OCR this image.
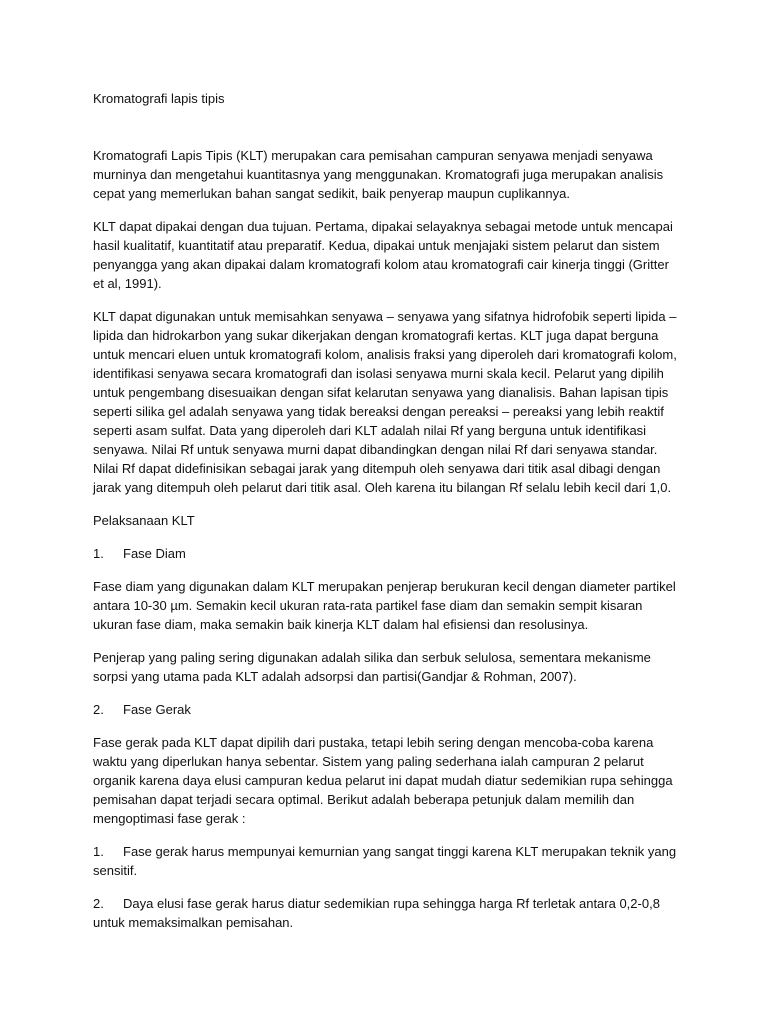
Kromatografi lapis tipis

Kromatografi Lapis Tipis (KLT) merupakan cara pemisahan campuran senyawa menjadi senyawa murninya dan mengetahui kuantitasnya yang menggunakan. Kromatografi juga merupakan analisis cepat yang memerlukan bahan sangat sedikit, baik penyerap maupun cuplikannya.

KLT dapat dipakai dengan dua tujuan. Pertama, dipakai selayaknya sebagai metode untuk mencapai hasil kualitatif, kuantitatif atau preparatif. Kedua, dipakai untuk menjajaki sistem pelarut dan sistem penyangga yang akan dipakai dalam kromatografi kolom atau kromatografi cair kinerja tinggi (Gritter et al, 1991).

KLT dapat digunakan untuk memisahkan senyawa – senyawa yang sifatnya hidrofobik seperti lipida – lipida dan hidrokarbon yang sukar dikerjakan dengan kromatografi kertas. KLT juga dapat berguna untuk mencari eluen untuk kromatografi kolom, analisis fraksi yang diperoleh dari kromatografi kolom, identifikasi senyawa secara kromatografi dan isolasi senyawa murni skala kecil. Pelarut yang dipilih untuk pengembang disesuaikan dengan sifat kelarutan senyawa yang dianalisis. Bahan lapisan tipis seperti silika gel adalah senyawa yang tidak bereaksi dengan pereaksi – pereaksi yang lebih reaktif seperti asam sulfat. Data yang diperoleh dari KLT adalah nilai Rf yang berguna untuk identifikasi senyawa. Nilai Rf untuk senyawa murni dapat dibandingkan dengan nilai Rf dari senyawa standar. Nilai Rf dapat didefinisikan sebagai jarak yang ditempuh oleh senyawa dari titik asal dibagi dengan jarak yang ditempuh oleh pelarut dari titik asal. Oleh karena itu bilangan Rf selalu lebih kecil dari 1,0.

Pelaksanaan KLT

1.	Fase Diam

Fase diam yang digunakan dalam KLT merupakan penjerap berukuran kecil dengan diameter partikel antara 10-30 µm. Semakin kecil ukuran rata-rata partikel fase diam dan semakin sempit kisaran ukuran fase diam, maka semakin baik kinerja KLT dalam hal efisiensi dan resolusinya.

Penjerap yang paling sering digunakan adalah silika dan serbuk selulosa, sementara mekanisme sorpsi yang utama pada KLT adalah adsorpsi dan partisi(Gandjar & Rohman, 2007).

2.	Fase Gerak

Fase gerak pada KLT dapat dipilih dari pustaka, tetapi lebih sering dengan mencoba-coba karena waktu yang diperlukan hanya sebentar. Sistem yang paling sederhana ialah campuran 2 pelarut organik karena daya elusi campuran kedua pelarut ini dapat mudah diatur sedemikian rupa sehingga pemisahan dapat terjadi secara optimal. Berikut adalah beberapa petunjuk dalam memilih dan mengoptimasi fase gerak :

1. Fase gerak harus mempunyai kemurnian yang sangat tinggi karena KLT merupakan teknik yang sensitif.

2. Daya elusi fase gerak harus diatur sedemikian rupa sehingga harga Rf terletak antara 0,2-0,8 untuk memaksimalkan pemisahan.
